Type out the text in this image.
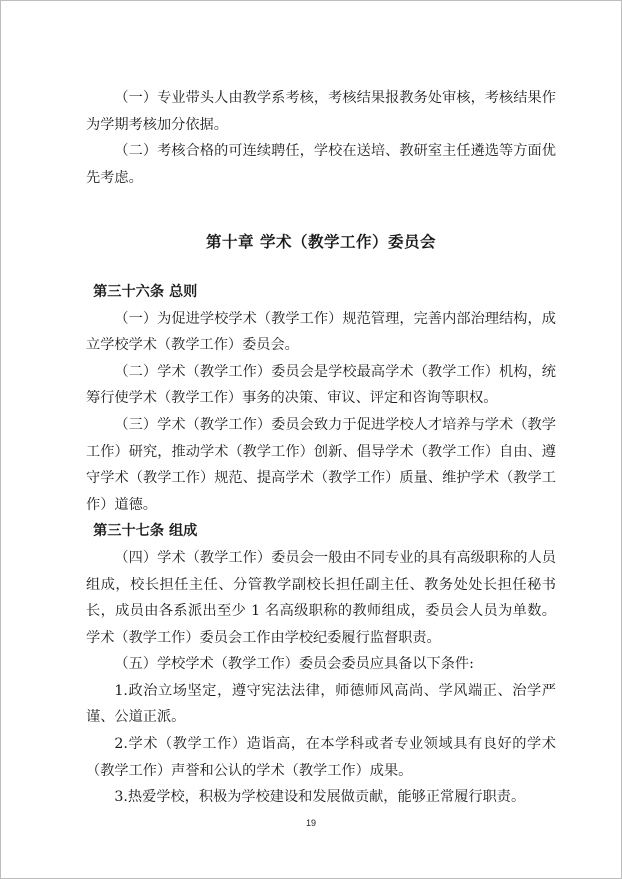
（一）专业带头人由教学系考核，考核结果报教务处审核，考核结果作为学期考核加分依据。

（二）考核合格的可连续聘任，学校在送培、教研室主任遴选等方面优先考虑。

第十章 学术（教学工作）委员会

第三十六条 总则

（一）为促进学校学术（教学工作）规范管理，完善内部治理结构，成立学校学术（教学工作）委员会。

（二）学术（教学工作）委员会是学校最高学术（教学工作）机构，统筹行使学术（教学工作）事务的决策、审议、评定和咨询等职权。

（三）学术（教学工作）委员会致力于促进学校人才培养与学术（教学工作）研究，推动学术（教学工作）创新、倡导学术（教学工作）自由、遵守学术（教学工作）规范、提高学术（教学工作）质量、维护学术（教学工作）道德。

第三十七条 组成

（四）学术（教学工作）委员会一般由不同专业的具有高级职称的人员组成，校长担任主任、分管教学副校长担任副主任、教务处处长担任秘书长，成员由各系派出至少 1 名高级职称的教师组成，委员会人员为单数。学术（教学工作）委员会工作由学校纪委履行监督职责。

（五）学校学术（教学工作）委员会委员应具备以下条件:

1.政治立场坚定，遵守宪法法律，师德师风高尚、学风端正、治学严谨、公道正派。

2.学术（教学工作）造诣高，在本学科或者专业领域具有良好的学术（教学工作）声誉和公认的学术（教学工作）成果。

3.热爱学校，积极为学校建设和发展做贡献，能够正常履行职责。

19
